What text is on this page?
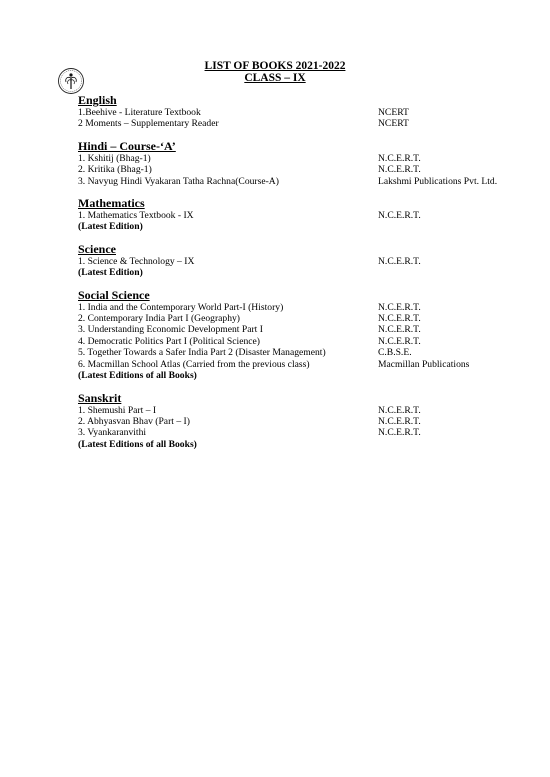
LIST OF BOOKS 2021-2022
CLASS – IX
English
1.Beehive - Literature Textbook	NCERT
2 Moments – Supplementary Reader	NCERT
Hindi – Course-‘A’
1. Kshitij (Bhag-1)	N.C.E.R.T.
2. Kritika (Bhag-1)	N.C.E.R.T.
3. Navyug Hindi Vyakaran Tatha Rachna(Course-A)	Lakshmi Publications Pvt. Ltd.
Mathematics
1. Mathematics Textbook - IX	N.C.E.R.T.
(Latest Edition)
Science
1. Science & Technology – IX	N.C.E.R.T.
(Latest Edition)
Social Science
1. India and the Contemporary World Part-I (History)	N.C.E.R.T.
2. Contemporary India Part I (Geography)	N.C.E.R.T.
3. Understanding Economic Development Part I	N.C.E.R.T.
4. Democratic Politics Part I (Political Science)	N.C.E.R.T.
5. Together Towards a Safer India Part 2 (Disaster Management)	C.B.S.E.
6. Macmillan School Atlas (Carried from the previous class)	Macmillan Publications
(Latest Editions of all Books)
Sanskrit
1. Shemushi Part – I	N.C.E.R.T.
2. Abhyasvan Bhav (Part – I)	N.C.E.R.T.
3. Vyankaranvithi	N.C.E.R.T.
(Latest Editions of all Books)
